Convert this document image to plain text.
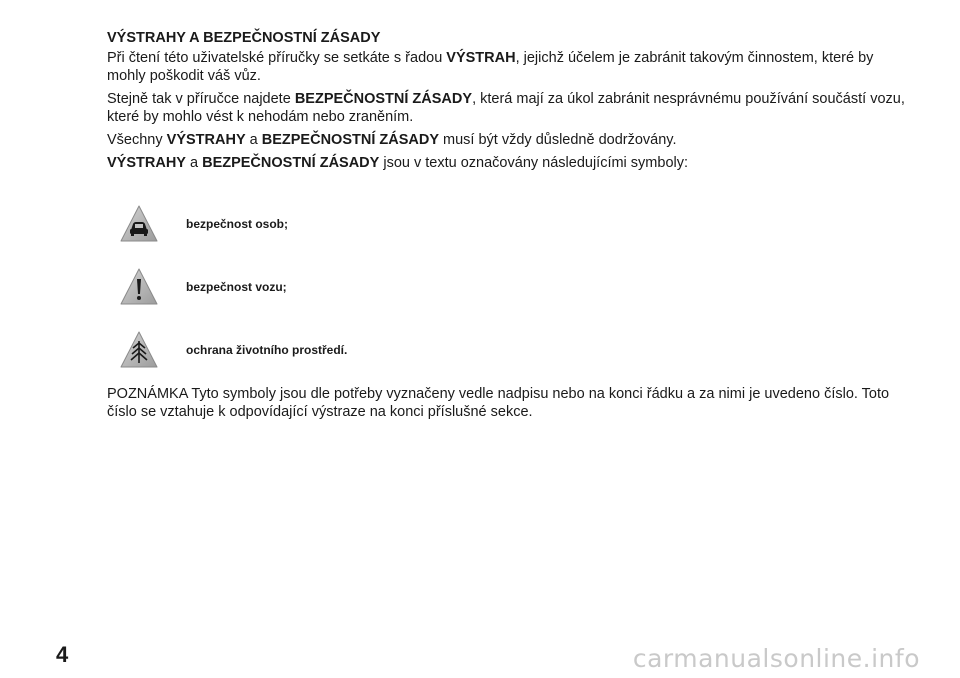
VÝSTRAHY A BEZPEČNOSTNÍ ZÁSADY

Při čtení této uživatelské příručky se setkáte s řadou VÝSTRAH, jejichž účelem je zabránit takovým činnostem, které by mohly poškodit váš vůz.

Stejně tak v příručce najdete BEZPEČNOSTNÍ ZÁSADY, která mají za úkol zabránit nesprávnému používání součástí vozu, které by mohlo vést k nehodám nebo zraněním.

Všechny VÝSTRAHY a BEZPEČNOSTNÍ ZÁSADY musí být vždy důsledně dodržovány.

VÝSTRAHY a BEZPEČNOSTNÍ ZÁSADY jsou v textu označovány následujícími symboly:

bezpečnost osob;
bezpečnost vozu;
ochrana životního prostředí.

POZNÁMKA Tyto symboly jsou dle potřeby vyznačeny vedle nadpisu nebo na konci řádku a za nimi je uvedeno číslo. Toto číslo se vztahuje k odpovídající výstraze na konci příslušné sekce.

4	carmanualsonline.info
